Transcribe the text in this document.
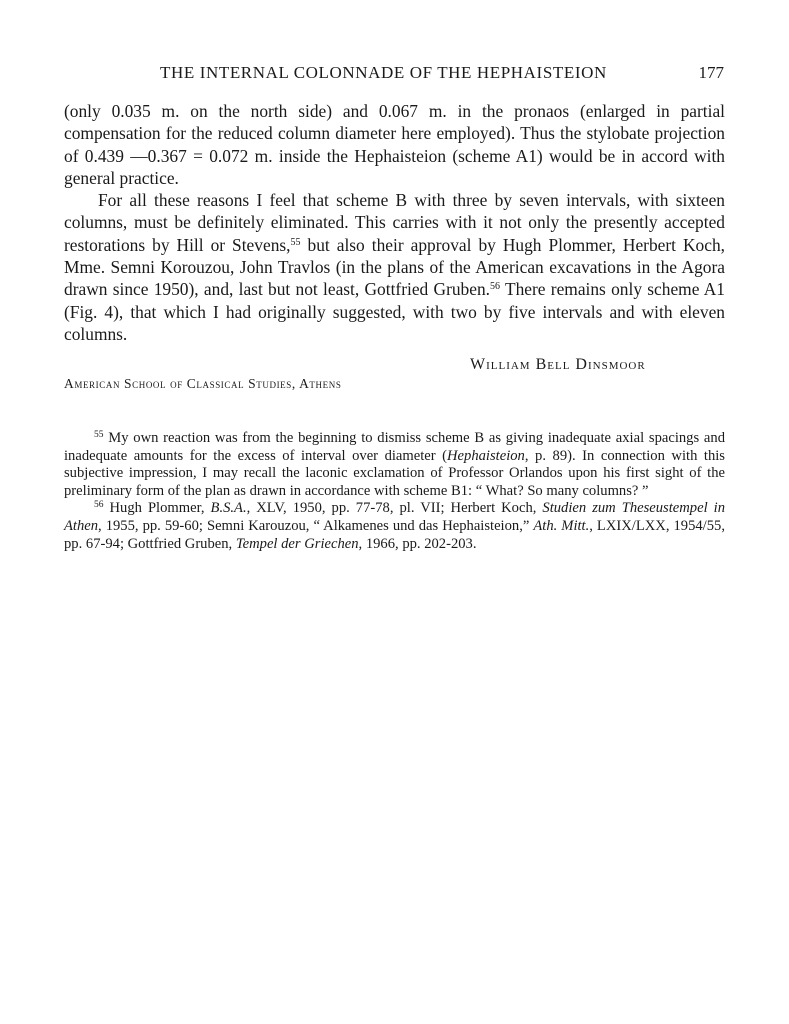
THE INTERNAL COLONNADE OF THE HEPHAISTEION	177

(only 0.035 m. on the north side) and 0.067 m. in the pronaos (enlarged in partial compensation for the reduced column diameter here employed). Thus the stylobate projection of 0.439 —0.367 = 0.072 m. inside the Hephaisteion (scheme A1) would be in accord with general practice.

For all these reasons I feel that scheme B with three by seven intervals, with sixteen columns, must be definitely eliminated. This carries with it not only the presently accepted restorations by Hill or Stevens,$^{55}$ but also their approval by Hugh Plommer, Herbert Koch, Mme. Semni Korouzou, John Travlos (in the plans of the American excavations in the Agora drawn since 1950), and, last but not least, Gottfried Gruben.$^{56}$ There remains only scheme A1 (Fig. 4), that which I had originally suggested, with two by five intervals and with eleven columns.

William Bell Dinsmoor
American School of Classical Studies, Athens

$^{55}$ My own reaction was from the beginning to dismiss scheme B as giving inadequate axial spacings and inadequate amounts for the excess of interval over diameter (Hephaisteion, p. 89). In connection with this subjective impression, I may recall the laconic exclamation of Professor Orlandos upon his first sight of the preliminary form of the plan as drawn in accordance with scheme B1: “ What? So many columns? ”

$^{56}$ Hugh Plommer, B.S.A., XLV, 1950, pp. 77-78, pl. VII; Herbert Koch, Studien zum Theseustempel in Athen, 1955, pp. 59-60; Semni Karouzou, “ Alkamenes und das Hephaisteion,” Ath. Mitt., LXIX/LXX, 1954/55, pp. 67-94; Gottfried Gruben, Tempel der Griechen, 1966, pp. 202-203.
